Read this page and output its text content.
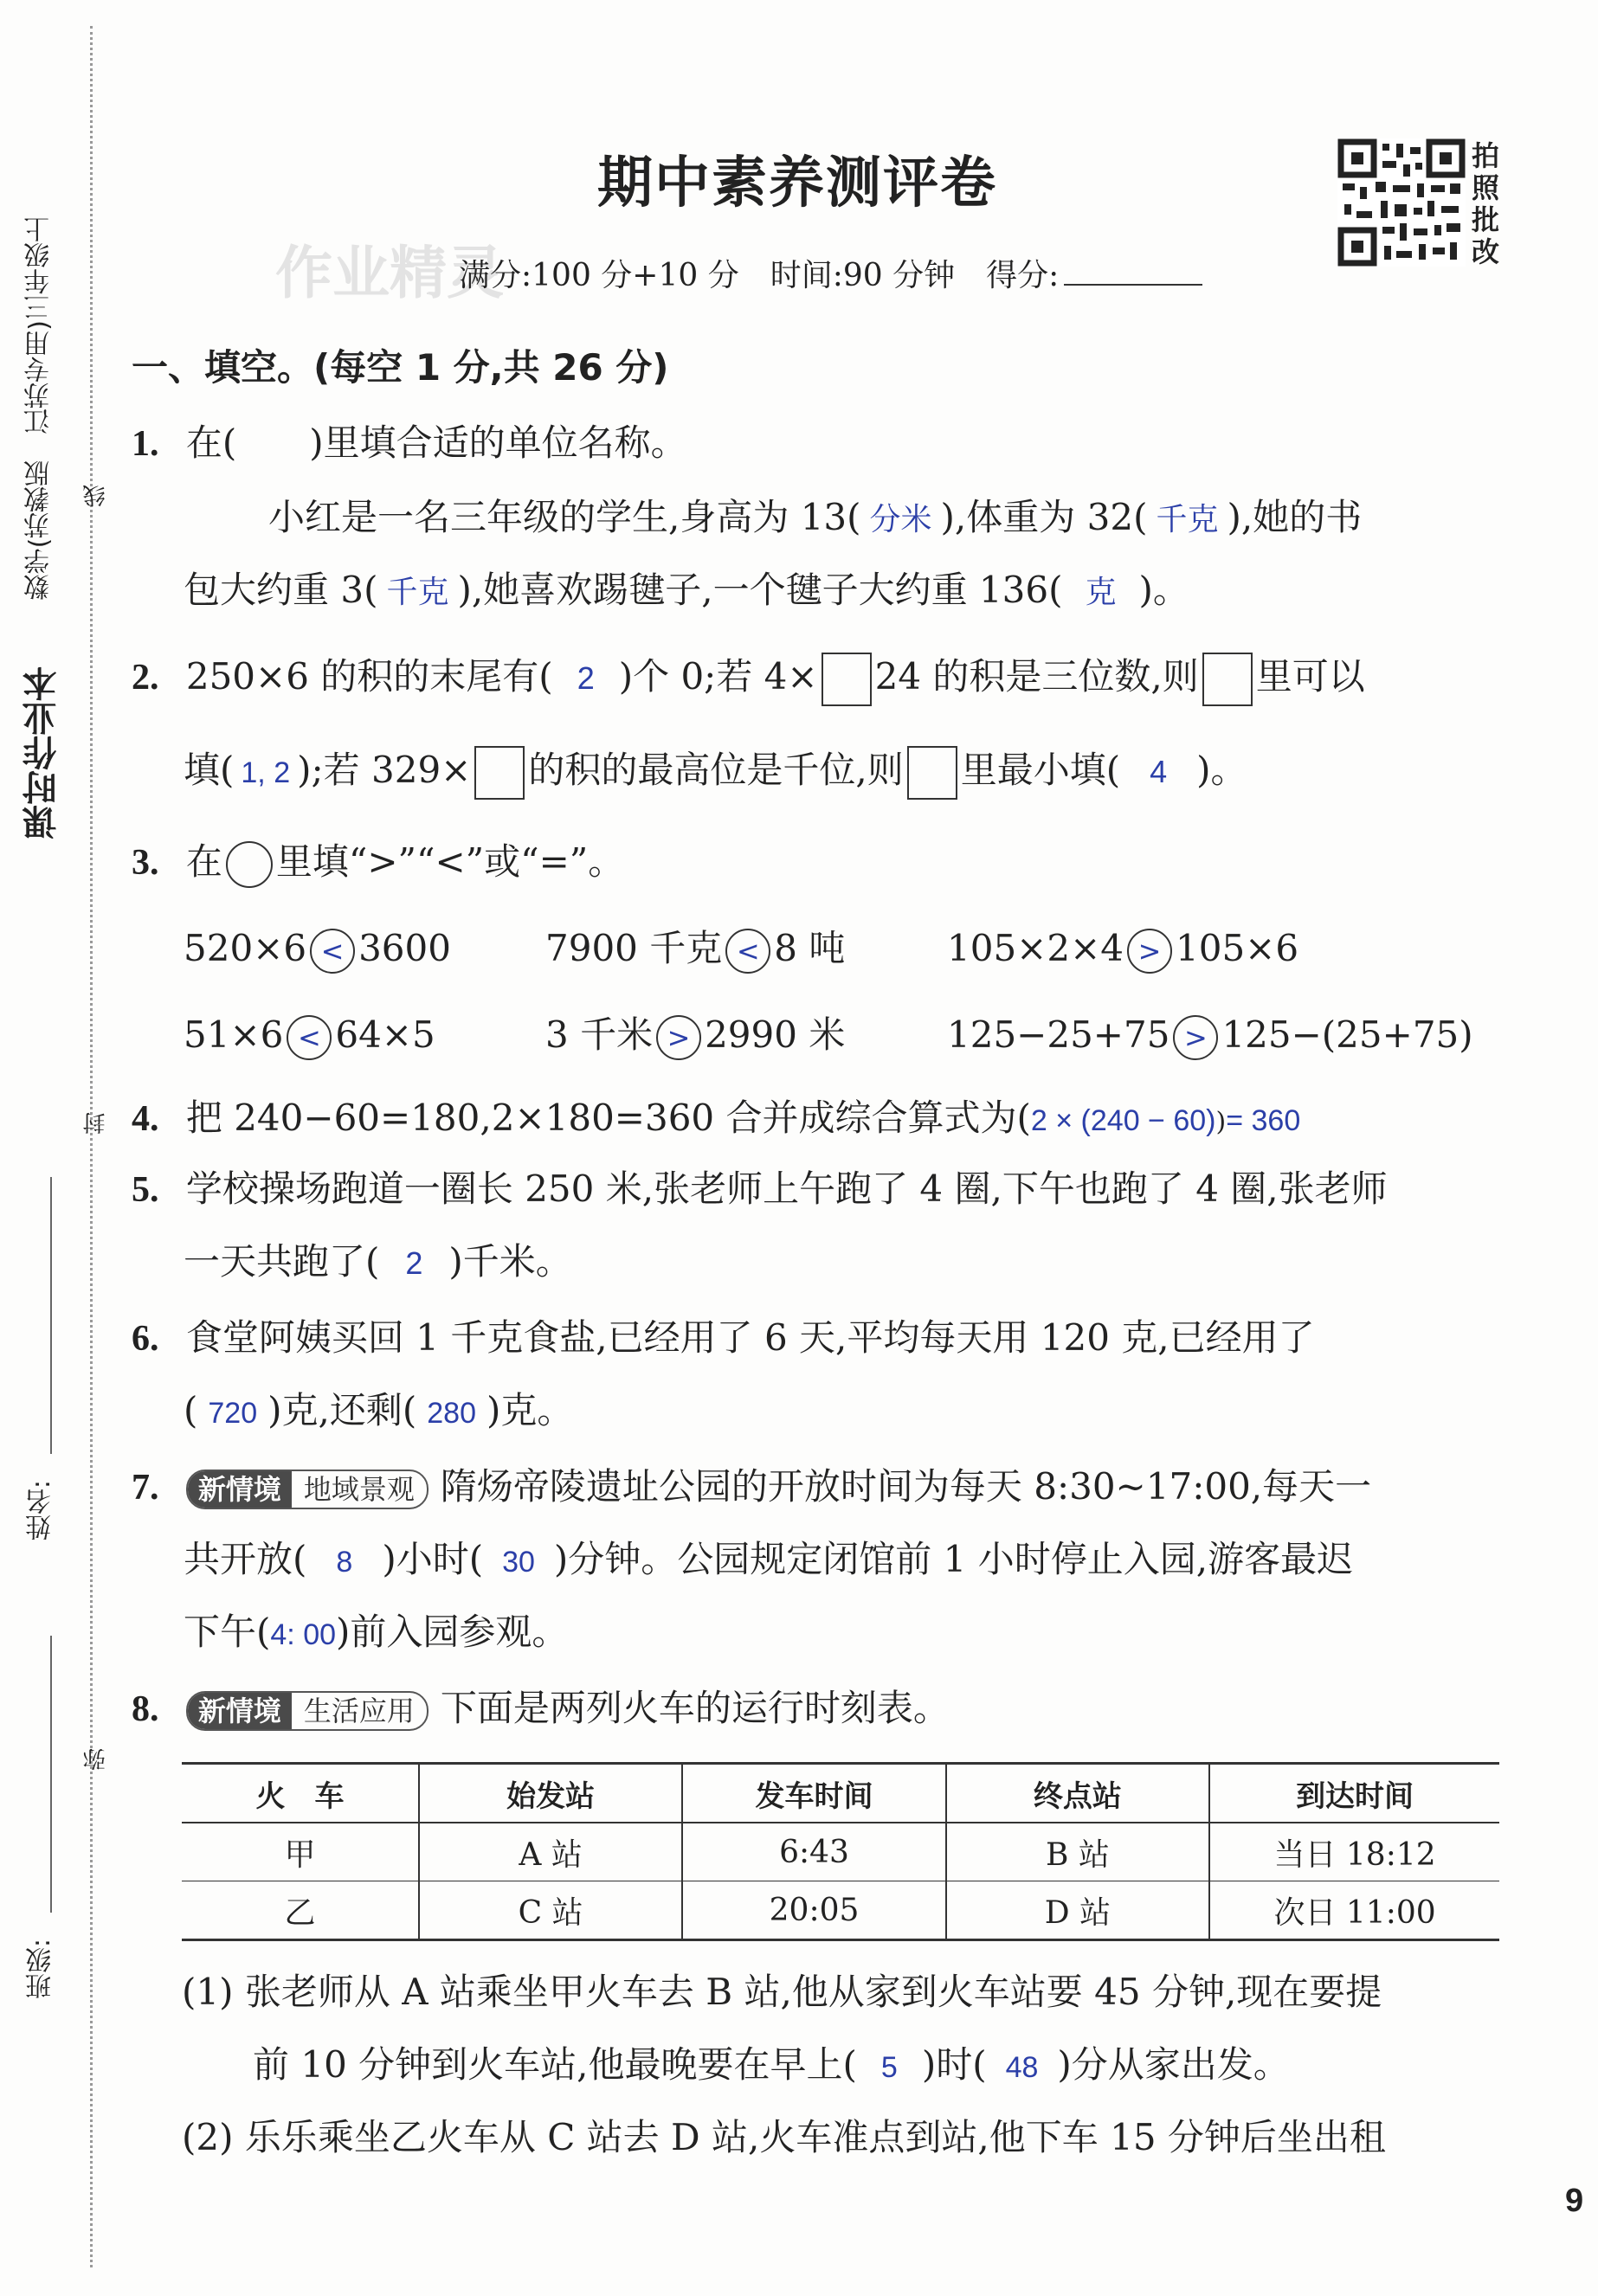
课时作业本
数学(苏教版　江苏专用)三年级上 线
封
弥
姓名:
班级:
期中素养测评卷
作业精灵
满分:100 分+10 分　时间:90 分钟　得分:
拍照批改
一、填空。(每空 1 分,共 26 分)
1. 在(　　)里填合适的单位名称。
小红是一名三年级的学生,身高为 13( 分米 ),体重为 32( 千克 ),她的书
包大约重 3( 千克 ),她喜欢踢毽子,一个毽子大约重 136( 克 )。
2. 250×6 的积的末尾有( 2 )个 0;若 4× 24 的积是三位数,则 里可以
填( 1, 2 );若 329× 的积的最高位是千位,则 里最小填( 4 )。
3. 在 里填“>”“<”或“=”。
520×6 < 3600	7900 千克 < 8 吨	105×2×4 > 105×6
51×6 < 64×5	3 千米 > 2990 米	125−25+75 > 125−(25+75)
4. 把 240−60=180,2×180=360 合并成综合算式为(2 × (240 − 60))= 360
5. 学校操场跑道一圈长 250 米,张老师上午跑了 4 圈,下午也跑了 4 圈,张老师
一天共跑了( 2 )千米。
6. 食堂阿姨买回 1 千克食盐,已经用了 6 天,平均每天用 120 克,已经用了
( 720 )克,还剩( 280 )克。
7.	新情境 地域景观 隋炀帝陵遗址公园的开放时间为每天 8:30~17:00,每天一
共开放( 8 )小时( 30 )分钟。公园规定闭馆前 1 小时停止入园,游客最迟
下午(4: 00)前入园参观。
8.	新情境 生活应用 下面是两列火车的运行时刻表。
火　车	始发站	发车时间	终点站	到达时间
甲	A 站	6:43	B 站	当日 18:12
乙	C 站	20:05	D 站	次日 11:00
(1) 张老师从 A 站乘坐甲火车去 B 站,他从家到火车站要 45 分钟,现在要提
前 10 分钟到火车站,他最晚要在早上( 5 )时( 48 )分从家出发。
(2) 乐乐乘坐乙火车从 C 站去 D 站,火车准点到站,他下车 15 分钟后坐出租
9
